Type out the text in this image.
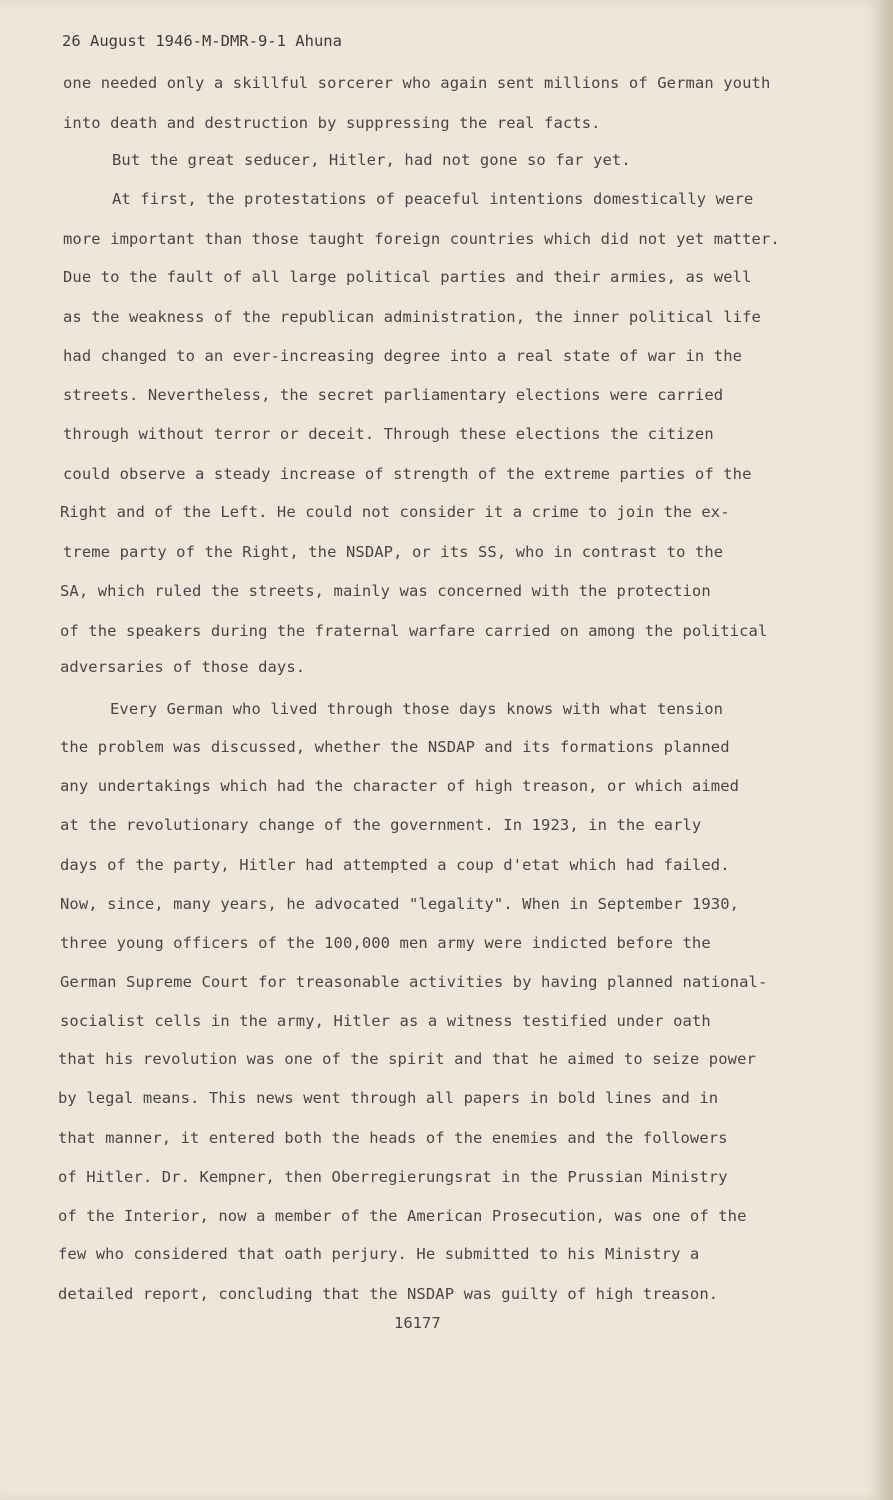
26 August 1946-M-DMR-9-1 Ahuna
one needed only a skillful sorcerer who again sent millions of German youth
into death and destruction by suppressing the real facts.
But the great seducer, Hitler, had not gone so far yet.
At first, the protestations of peaceful intentions domestically were
more important than those taught foreign countries which did not yet matter.
Due to the fault of all large political parties and their armies, as well
as the weakness of the republican administration, the inner political life
had changed to an ever-increasing degree into a real state of war in the
streets. Nevertheless, the secret parliamentary elections were carried
through without terror or deceit. Through these elections the citizen
could observe a steady increase of strength of the extreme parties of the
Right and of the Left. He could not consider it a crime to join the ex-
treme party of the Right, the NSDAP, or its SS, who in contrast to the
SA, which ruled the streets, mainly was concerned with the protection
of the speakers during the fraternal warfare carried on among the political
adversaries of those days.
Every German who lived through those days knows with what tension
the problem was discussed, whether the NSDAP and its formations planned
any undertakings which had the character of high treason, or which aimed
at the revolutionary change of the government. In 1923, in the early
days of the party, Hitler had attempted a coup d'etat which had failed.
Now, since, many years, he advocated "legality". When in September 1930,
three young officers of the 100,000 men army were indicted before the
German Supreme Court for treasonable activities by having planned national-
socialist cells in the army, Hitler as a witness testified under oath
that his revolution was one of the spirit and that he aimed to seize power
by legal means. This news went through all papers in bold lines and in
that manner, it entered both the heads of the enemies and the followers
of Hitler. Dr. Kempner, then Oberregierungsrat in the Prussian Ministry
of the Interior, now a member of the American Prosecution, was one of the
few who considered that oath perjury. He submitted to his Ministry a
detailed report, concluding that the NSDAP was guilty of high treason.
16177
